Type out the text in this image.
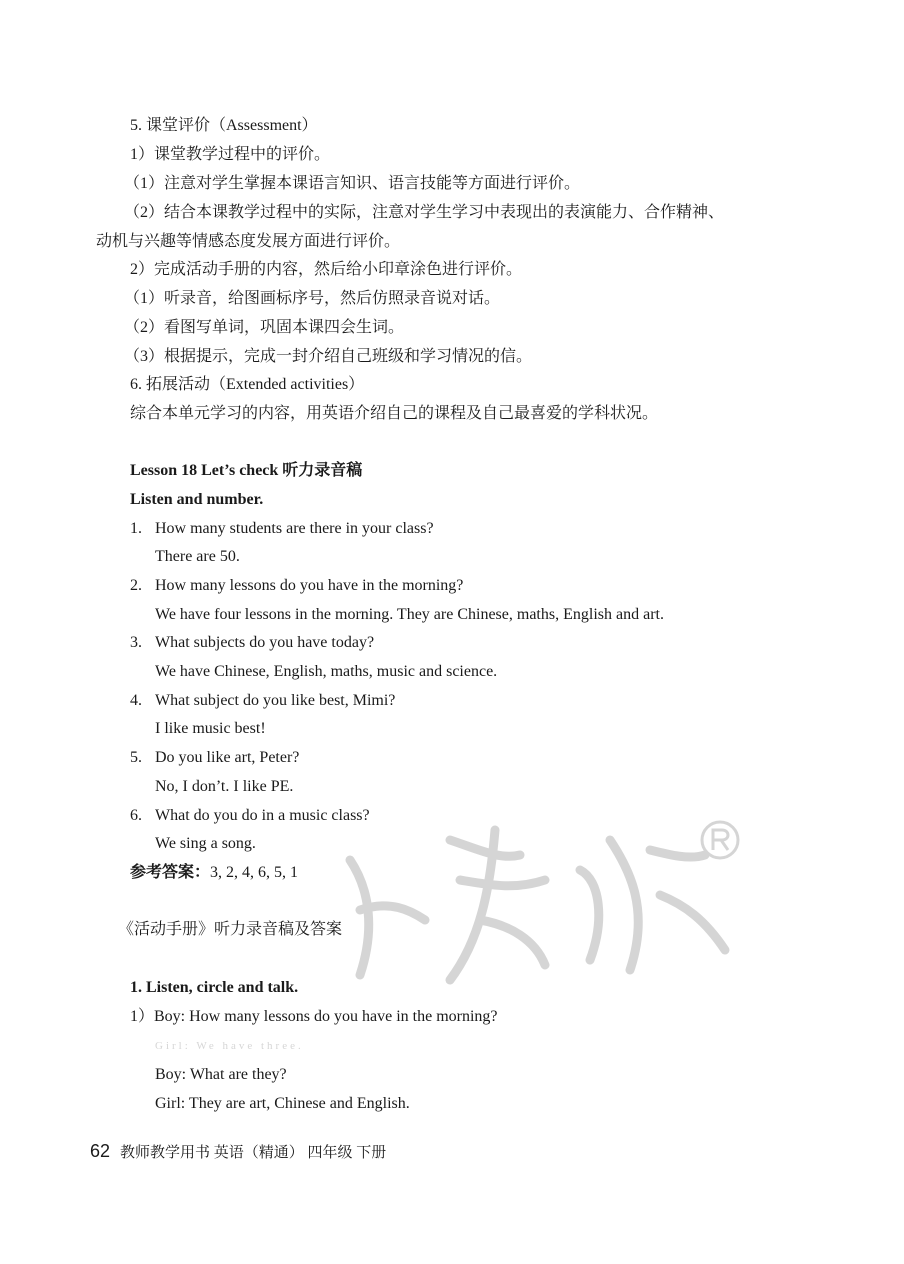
5. 课堂评价（Assessment）
1）课堂教学过程中的评价。
（1）注意对学生掌握本课语言知识、语言技能等方面进行评价。
（2）结合本课教学过程中的实际，注意对学生学习中表现出的表演能力、合作精神、
动机与兴趣等情感态度发展方面进行评价。
2）完成活动手册的内容，然后给小印章涂色进行评价。
（1）听录音，给图画标序号，然后仿照录音说对话。
（2）看图写单词，巩固本课四会生词。
（3）根据提示，完成一封介绍自己班级和学习情况的信。
6. 拓展活动（Extended activities）
综合本单元学习的内容，用英语介绍自己的课程及自己最喜爱的学科状况。
Lesson 18 Let’s check 听力录音稿
Listen and number.
1. How many students are there in your class?
There are 50.
2. How many lessons do you have in the morning?
We have four lessons in the morning. They are Chinese, maths, English and art.
3. What subjects do you have today?
We have Chinese, English, maths, music and science.
4. What subject do you like best, Mimi?
I like music best!
5. Do you like art, Peter?
No, I don’t. I like PE.
6. What do you do in a music class?
We sing a song.
参考答案：3, 2, 4, 6, 5, 1
《活动手册》听力录音稿及答案
1. Listen, circle and talk.
1）Boy: How many lessons do you have in the morning?
Girl: We have three.
Boy: What are they?
Girl: They are art, Chinese and English.
62 教师教学用书 英语（精通） 四年级 下册
